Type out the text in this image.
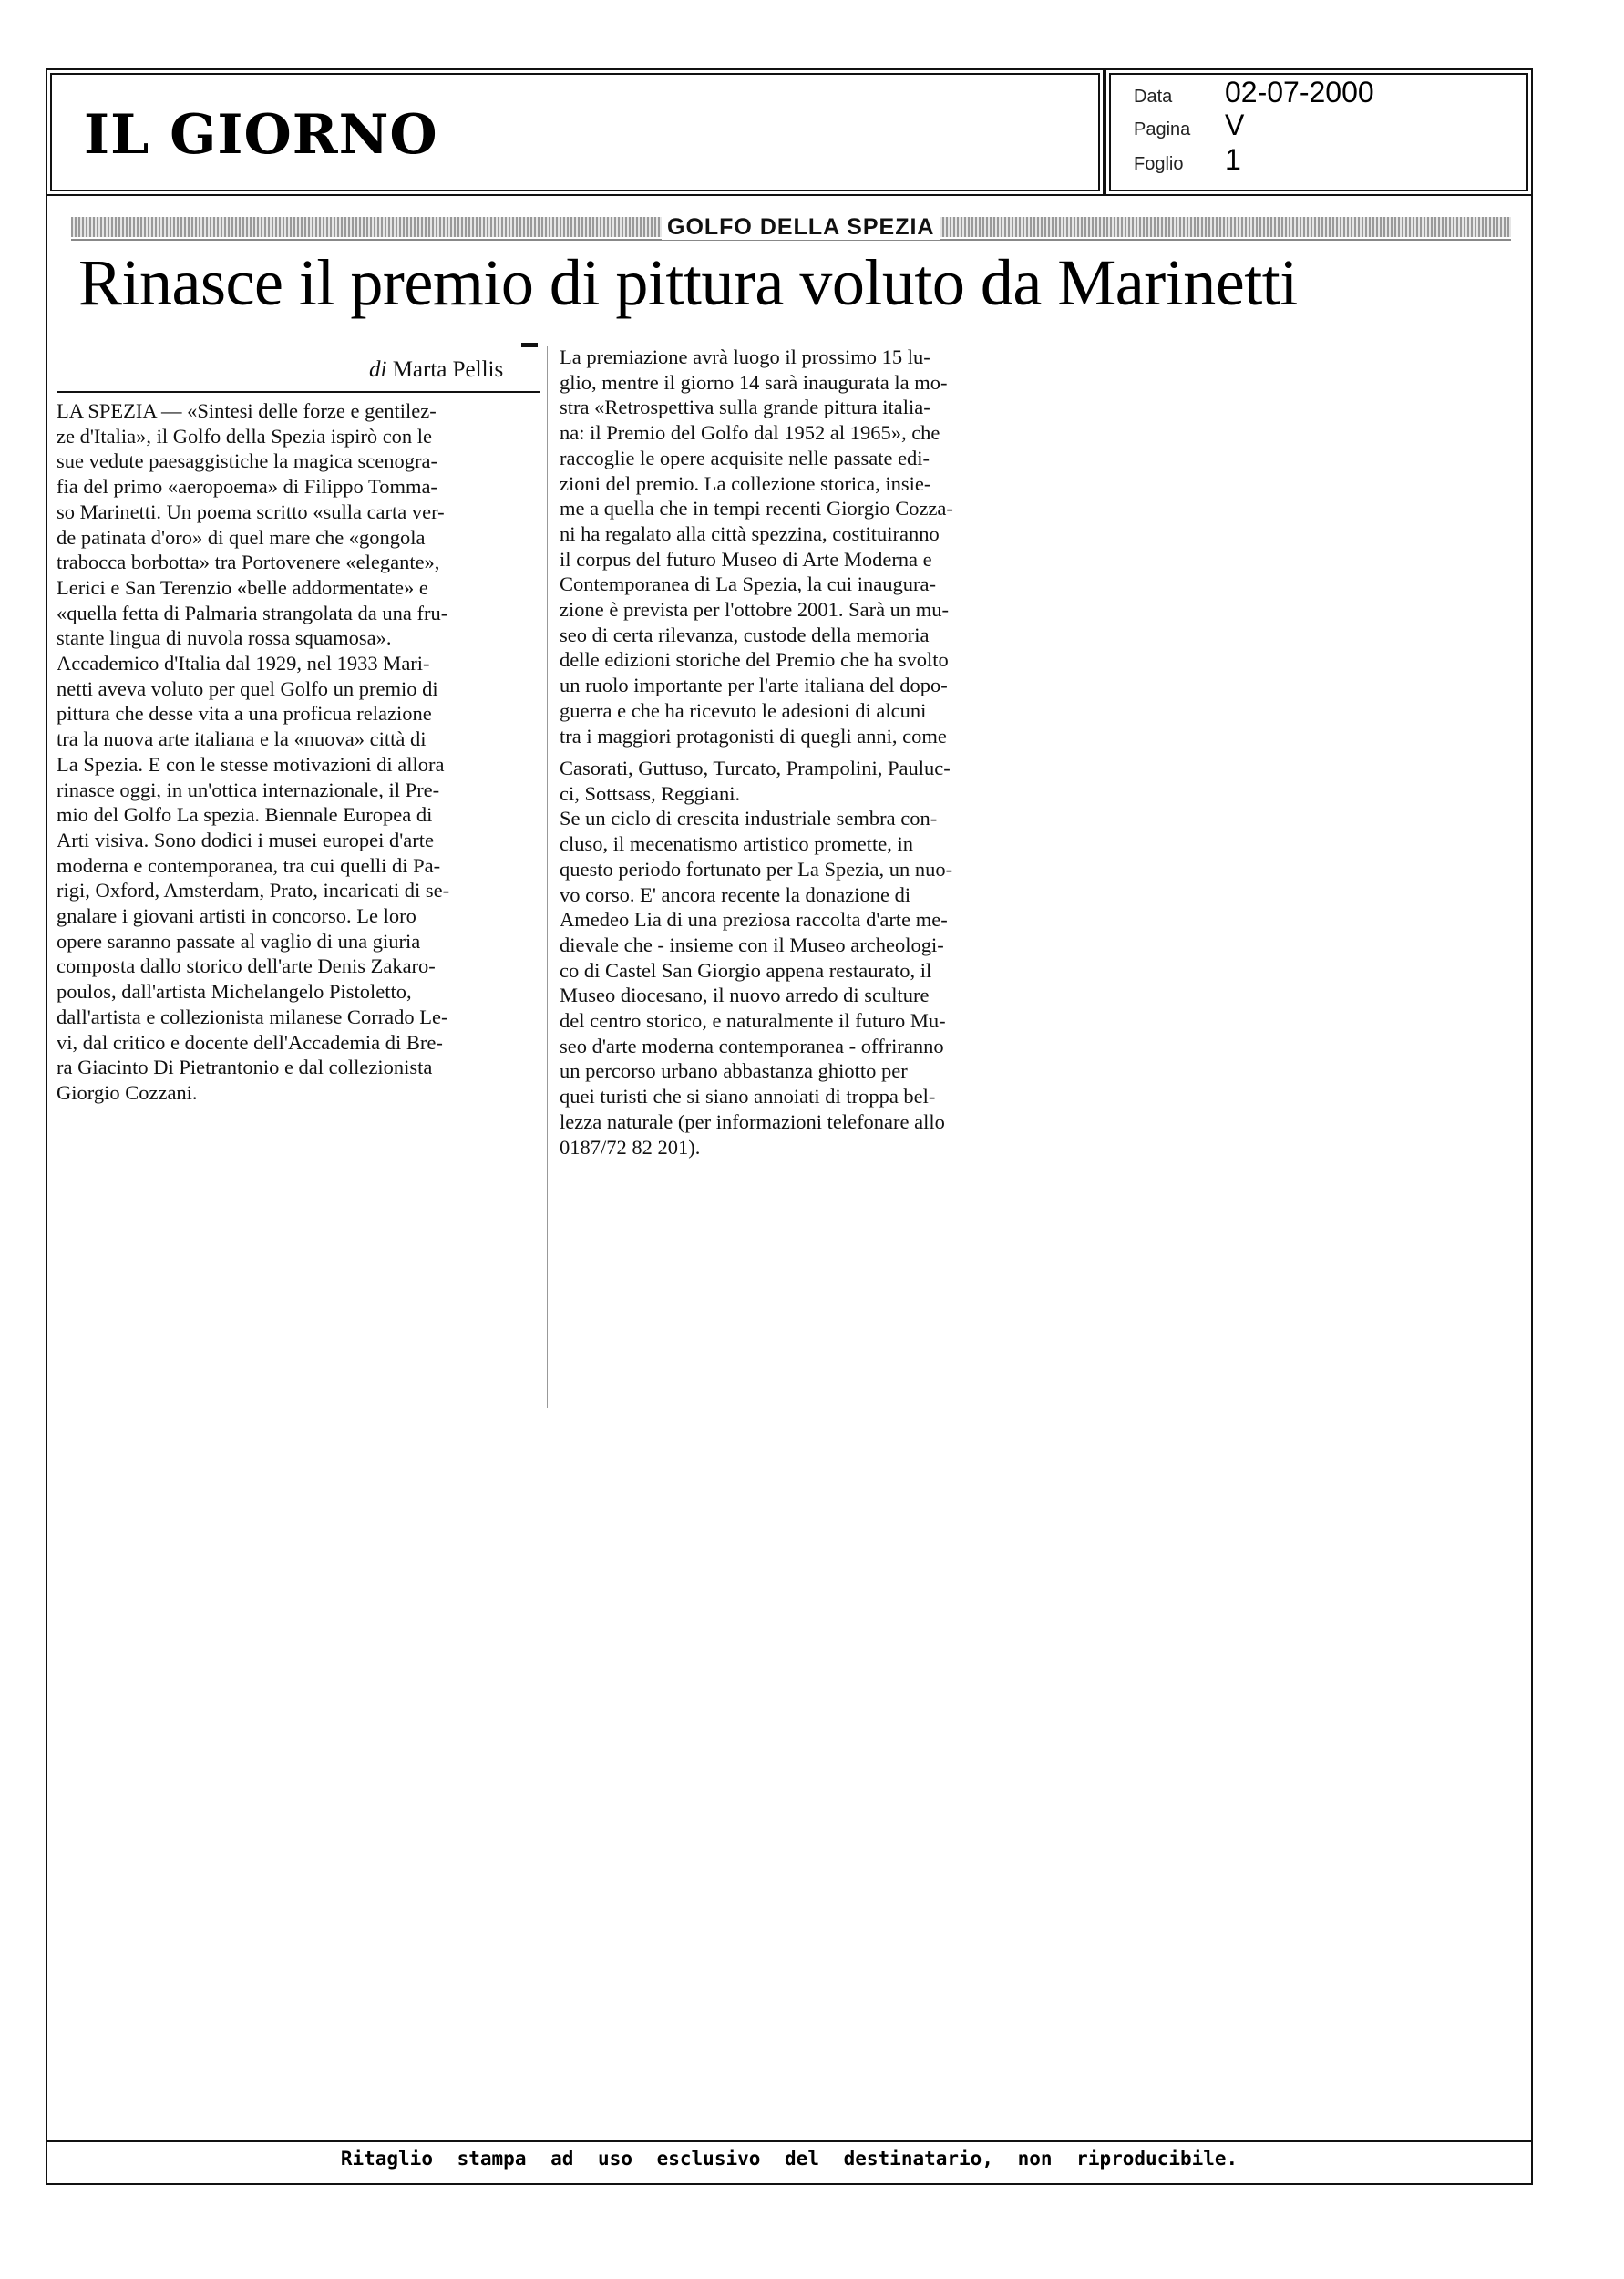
IL GIORNO
Data	02-07-2000
Pagina	V
Foglio	1
GOLFO DELLA SPEZIA
Rinasce il premio di pittura voluto da Marinetti
di Marta Pellis

LA SPEZIA — «Sintesi delle forze e gentilez-

ze d'Italia», il Golfo della Spezia ispirò con le

sue vedute paesaggistiche la magica scenogra-

fia del primo «aeropoema» di Filippo Tomma-

so Marinetti. Un poema scritto «sulla carta ver-

de patinata d'oro» di quel mare che «gongola

trabocca borbotta» tra Portovenere «elegante»,

Lerici e San Terenzio «belle addormentate» e

«quella fetta di Palmaria strangolata da una fru-

stante lingua di nuvola rossa squamosa».

Accademico d'Italia dal 1929, nel 1933 Mari-

netti aveva voluto per quel Golfo un premio di

pittura che desse vita a una proficua relazione

tra la nuova arte italiana e la «nuova» città di

La Spezia. E con le stesse motivazioni di allora

rinasce oggi, in un'ottica internazionale, il Pre-

mio del Golfo La spezia. Biennale Europea di

Arti visiva. Sono dodici i musei europei d'arte

moderna e contemporanea, tra cui quelli di Pa-

rigi, Oxford, Amsterdam, Prato, incaricati di se-

gnalare i giovani artisti in concorso. Le loro

opere saranno passate al vaglio di una giuria

composta dallo storico dell'arte Denis Zakaro-

poulos, dall'artista Michelangelo Pistoletto,

dall'artista e collezionista milanese Corrado Le-

vi, dal critico e docente dell'Accademia di Bre-

ra Giacinto Di Pietrantonio e dal collezionista

Giorgio Cozzani.

La premiazione avrà luogo il prossimo 15 lu-

glio, mentre il giorno 14 sarà inaugurata la mo-

stra «Retrospettiva sulla grande pittura italia-

na: il Premio del Golfo dal 1952 al 1965», che

raccoglie le opere acquisite nelle passate edi-

zioni del premio. La collezione storica, insie-

me a quella che in tempi recenti Giorgio Cozza-

ni ha regalato alla città spezzina, costituiranno

il corpus del futuro Museo di Arte Moderna e

Contemporanea di La Spezia, la cui inaugura-

zione è prevista per l'ottobre 2001. Sarà un mu-

seo di certa rilevanza, custode della memoria

delle edizioni storiche del Premio che ha svolto

un ruolo importante per l'arte italiana del dopo-

guerra e che ha ricevuto le adesioni di alcuni

tra i maggiori protagonisti di quegli anni, come

Casorati, Guttuso, Turcato, Prampolini, Pauluc-

ci, Sottsass, Reggiani.

Se un ciclo di crescita industriale sembra con-

cluso, il mecenatismo artistico promette, in

questo periodo fortunato per La Spezia, un nuo-

vo corso. E' ancora recente la donazione di

Amedeo Lia di una preziosa raccolta d'arte me-

dievale che - insieme con il Museo archeologi-

co di Castel San Giorgio appena restaurato, il

Museo diocesano, il nuovo arredo di sculture

del centro storico, e naturalmente il futuro Mu-

seo d'arte moderna contemporanea - offriranno

un percorso urbano abbastanza ghiotto per

quei turisti che si siano annoiati di troppa bel-

lezza naturale (per informazioni telefonare allo

0187/72 82 201).

Ritaglio stampa ad uso esclusivo del destinatario, non riproducibile.
